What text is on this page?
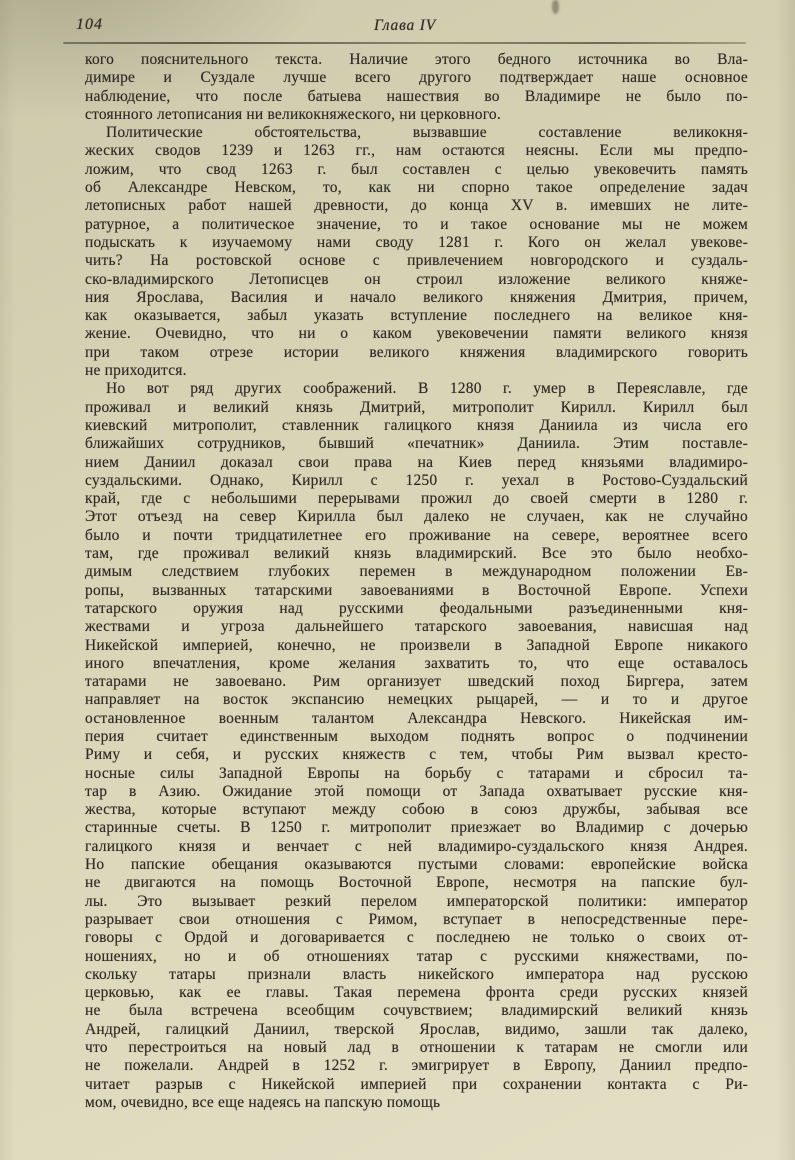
104	Глава IV
кого пояснительного текста. Наличие этого бедного источника во Вла-
димире и Суздале лучше всего другого подтверждает наше основное
наблюдение, что после батыева нашествия во Владимире не было по-
стоянного летописания ни великокняжеского, ни церковного.
Политические обстоятельства, вызвавшие составление великокня-
жеских сводов 1239 и 1263 гг., нам остаются неясны. Если мы предпо-
ложим, что свод 1263 г. был составлен с целью увековечить память
об Александре Невском, то, как ни спорно такое определение задач
летописных работ нашей древности, до конца XV в. имевших не лите-
ратурное, а политическое значение, то и такое основание мы не можем
подыскать к изучаемому нами своду 1281 г. Кого он желал увекове-
чить? На ростовской основе с привлечением новгородского и суздаль-
ско-владимирского Летописцев он строил изложение великого княже-
ния Ярослава, Василия и начало великого княжения Дмитрия, причем,
как оказывается, забыл указать вступление последнего на великое кня-
жение. Очевидно, что ни о каком увековечении памяти великого князя
при таком отрезе истории великого княжения владимирского говорить
не приходится.
Но вот ряд других соображений. В 1280 г. умер в Переяславле, где
проживал и великий князь Дмитрий, митрополит Кирилл. Кирилл был
киевский митрополит, ставленник галицкого князя Даниила из числа его
ближайших сотрудников, бывший «печатник» Даниила. Этим поставле-
нием Даниил доказал свои права на Киев перед князьями владимиро-
суздальскими. Однако, Кирилл с 1250 г. уехал в Ростово-Суздальский
край, где с небольшими перерывами прожил до своей смерти в 1280 г.
Этот отъезд на север Кирилла был далеко не случаен, как не случайно
было и почти тридцатилетнее его проживание на севере, вероятнее всего
там, где проживал великий князь владимирский. Все это было необхо-
димым следствием глубоких перемен в международном положении Ев-
ропы, вызванных татарскими завоеваниями в Восточной Европе. Успехи
татарского оружия над русскими феодальными разъединенными кня-
жествами и угроза дальнейшего татарского завоевания, нависшая над
Никейской империей, конечно, не произвели в Западной Европе никакого
иного впечатления, кроме желания захватить то, что еще оставалось
татарами не завоевано. Рим организует шведский поход Биргера, затем
направляет на восток экспансию немецких рыцарей, — и то и другое
остановленное военным талантом Александра Невского. Никейская им-
перия считает единственным выходом поднять вопрос о подчинении
Риму и себя, и русских княжеств с тем, чтобы Рим вызвал кресто-
носные силы Западной Европы на борьбу с татарами и сбросил та-
тар в Азию. Ожидание этой помощи от Запада охватывает русские кня-
жества, которые вступают между собою в союз дружбы, забывая все
старинные счеты. В 1250 г. митрополит приезжает во Владимир с дочерью
галицкого князя и венчает с ней владимиро-суздальского князя Андрея.
Но папские обещания оказываются пустыми словами: европейские войска
не двигаются на помощь Восточной Европе, несмотря на папские бул-
лы. Это вызывает резкий перелом императорской политики: император
разрывает свои отношения с Римом, вступает в непосредственные пере-
говоры с Ордой и договаривается с последнею не только о своих от-
ношениях, но и об отношениях татар с русскими княжествами, по-
скольку татары признали власть никейского императора над русскою
церковью, как ее главы. Такая перемена фронта среди русских князей
не была встречена всеобщим сочувствием; владимирский великий князь
Андрей, галицкий Даниил, тверской Ярослав, видимо, зашли так далеко,
что перестроиться на новый лад в отношении к татарам не смогли или
не пожелали. Андрей в 1252 г. эмигрирует в Европу, Даниил предпо-
читает разрыв с Никейской империей при сохранении контакта с Ри-
мом, очевидно, все еще надеясь на папскую помощь
